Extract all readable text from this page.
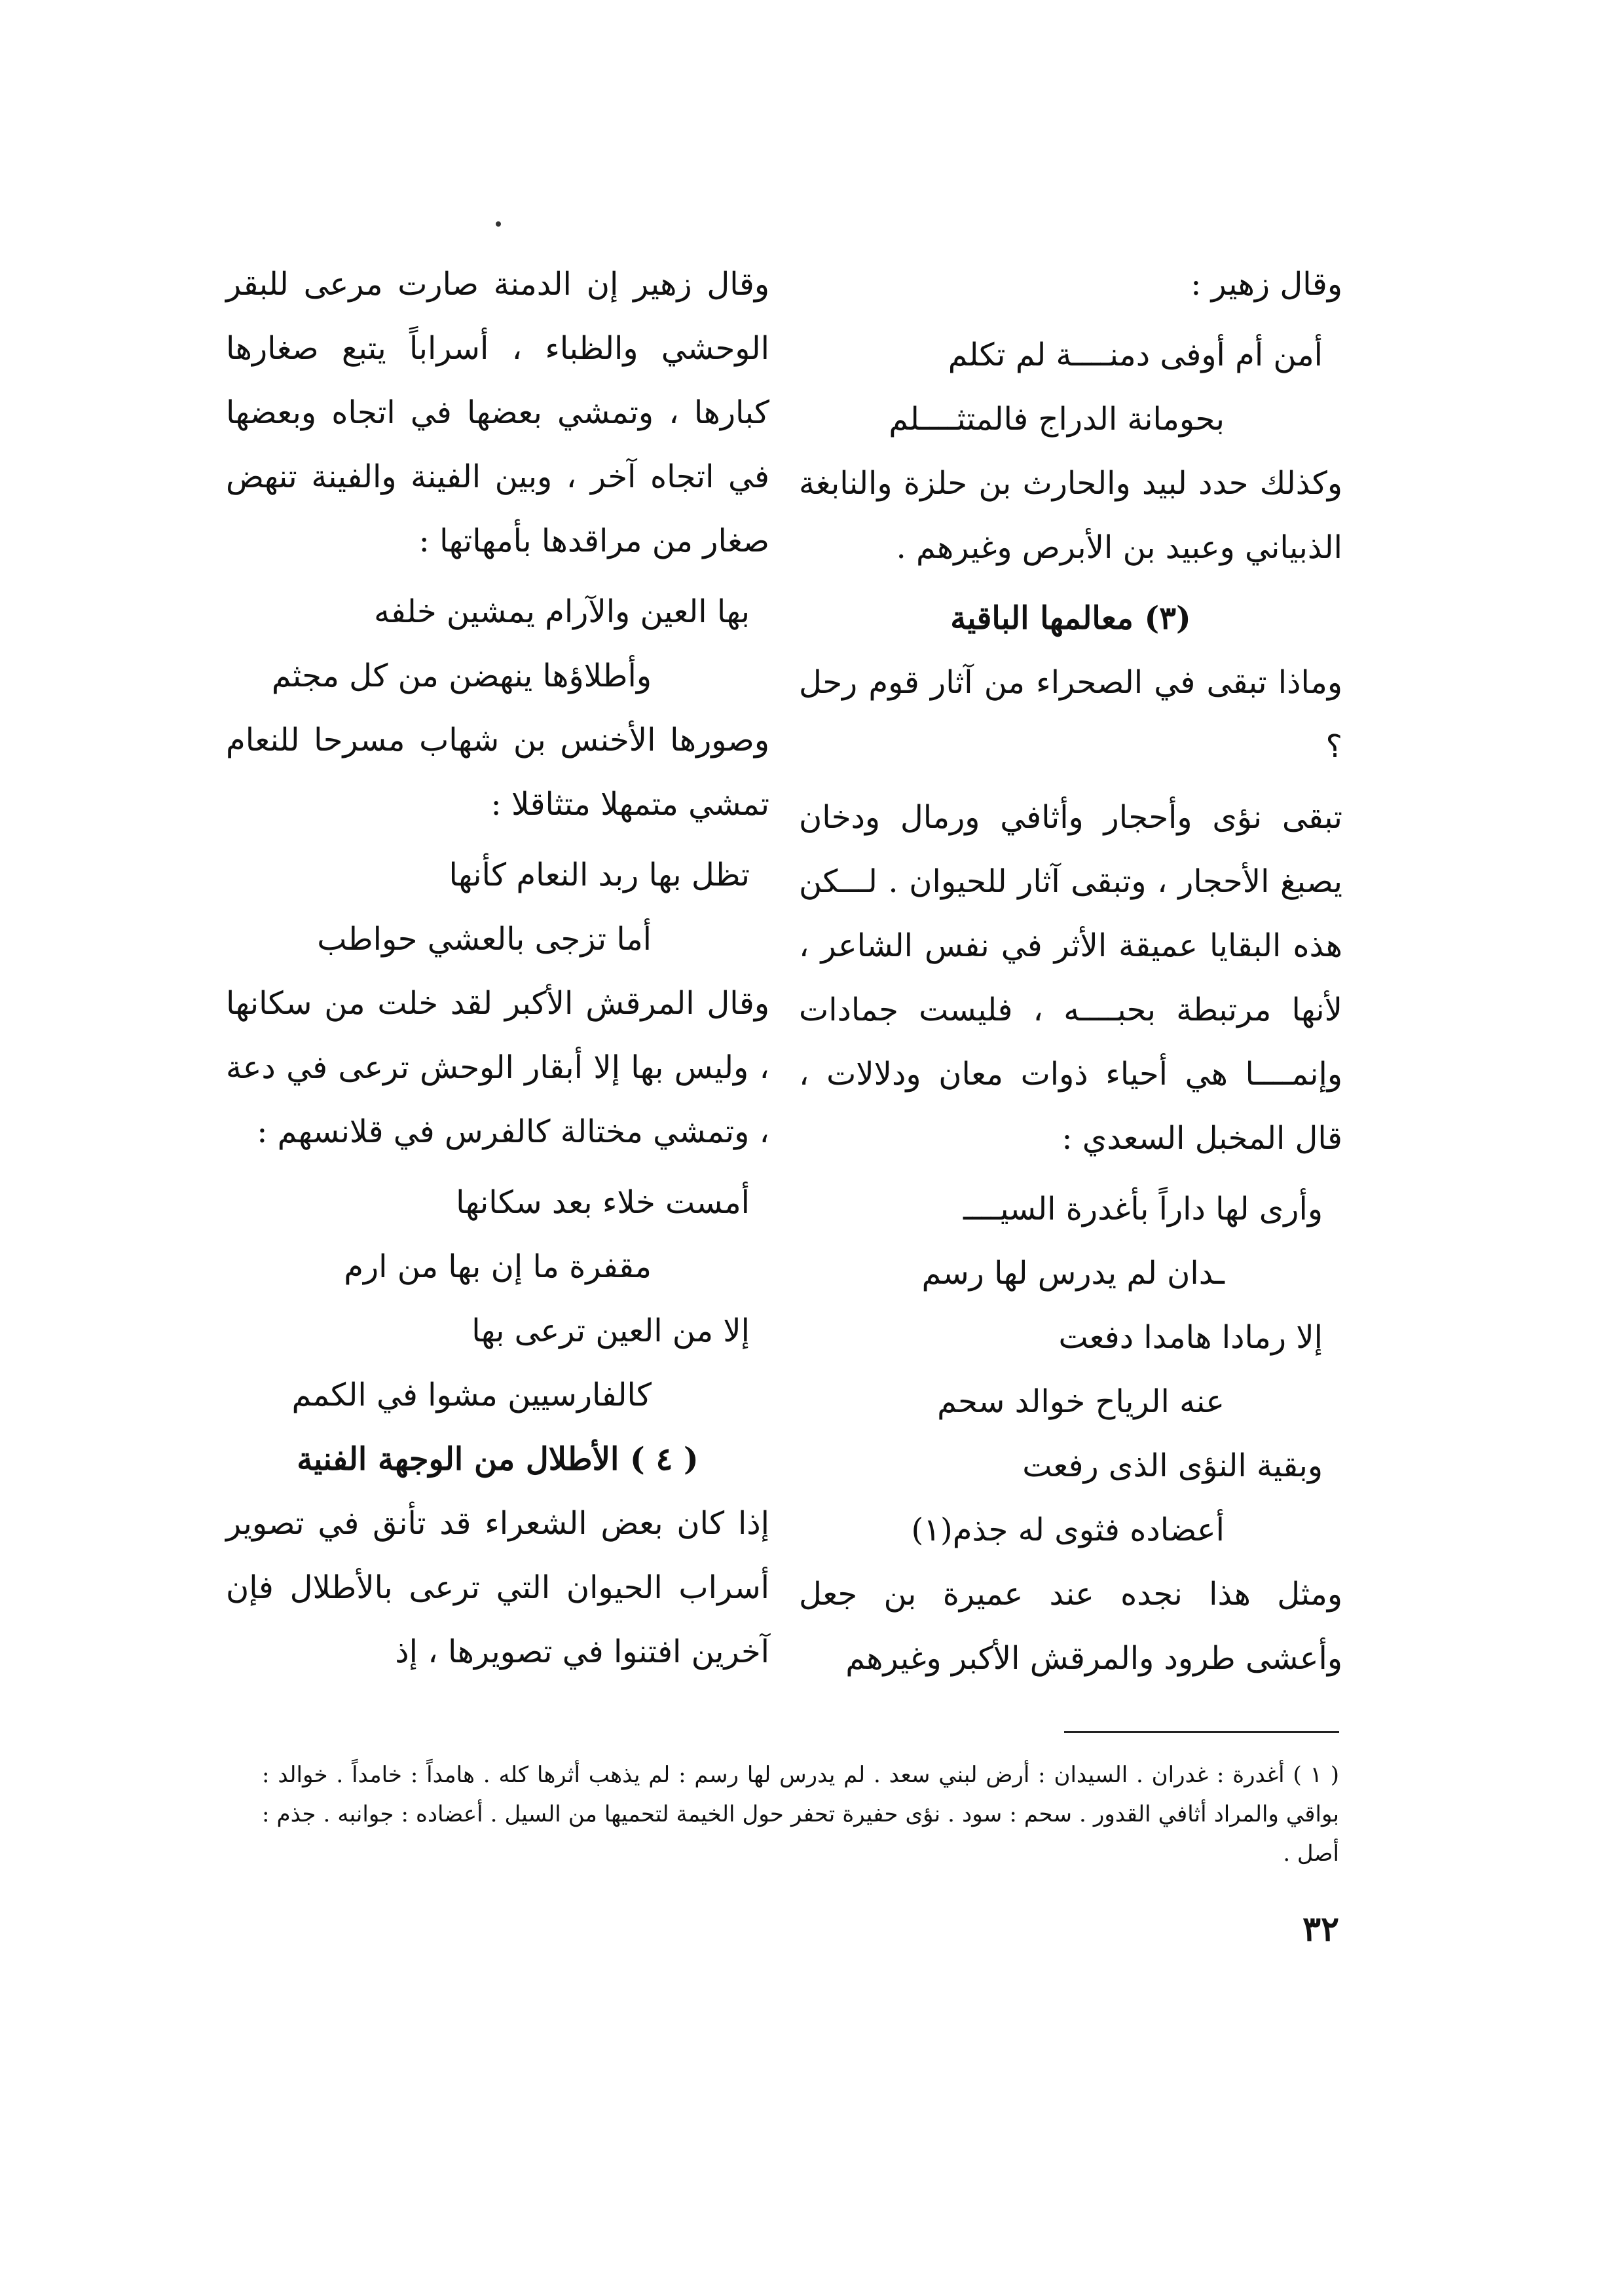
وقال زهير :

أمن أم أوفى دمنــــة لم تكلم
بحومانة الدراج فالمتثــــلم

وكذلك حدد لبيد والحارث بن حلزة والنابغة الذبياني وعبيد بن الأبرص وغيرهم .

(٣) معالمها الباقية

وماذا تبقى في الصحراء من آثار قوم رحل ؟

تبقى نؤى وأحجار وأثافي ورمال ودخان يصبغ الأحجار ، وتبقى آثار للحيوان . لـــكن هذه البقايا عميقة الأثر في نفس الشاعر ، لأنها مرتبطة بحبــــه ، فليست جمادات وإنمــــا هي أحياء ذوات معان ودلالات ، قال المخبل السعدي :

وأرى لها داراً بأغدرة السيــــ
ـدان لم يدرس لها رسم
إلا رمادا هامدا دفعت
عنه الرياح خوالد سحم
وبقية النؤى الذى رفعت
أعضاده فثوى له جذم(١)

ومثل هذا نجده عند عميرة بن جعل وأعشى طرود والمرقش الأكبر وغيرهم

وقال زهير إن الدمنة صارت مرعى للبقر الوحشي والظباء ، أسراباً يتبع صغارها كبارها ، وتمشي بعضها في اتجاه وبعضها في اتجاه آخر ، وبين الفينة والفينة تنهض صغار من مراقدها بأمهاتها :

بها العين والآرام يمشين خلفه
وأطلاؤها ينهضن من كل مجثم

وصورها الأخنس بن شهاب مسرحا للنعام تمشي متمهلا متثاقلا :

تظل بها ربد النعام كأنها
أما تزجى بالعشي حواطب

وقال المرقش الأكبر لقد خلت من سكانها ، وليس بها إلا أبقار الوحش ترعى في دعة ، وتمشي مختالة كالفرس في قلانسهم :

أمست خلاء بعد سكانها
مقفرة ما إن بها من ارم
إلا من العين ترعى بها
كالفارسيين مشوا في الكمم
( ٤ ) الأطلال من الوجهة الفنية

إذا كان بعض الشعراء قد تأنق في تصوير أسراب الحيوان التي ترعى بالأطلال فإن آخرين افتنوا في تصويرها ، إذ

( ١ ) أغدرة : غدران . السيدان : أرض لبني سعد . لم يدرس لها رسم : لم يذهب أثرها كله . هامداً : خامداً . خوالد : بواقي والمراد أثافي القدور . سحم : سود . نؤى حفيرة تحفر حول الخيمة لتحميها من السيل . أعضاده : جوانبه . جذم : أصل .

٣٢
